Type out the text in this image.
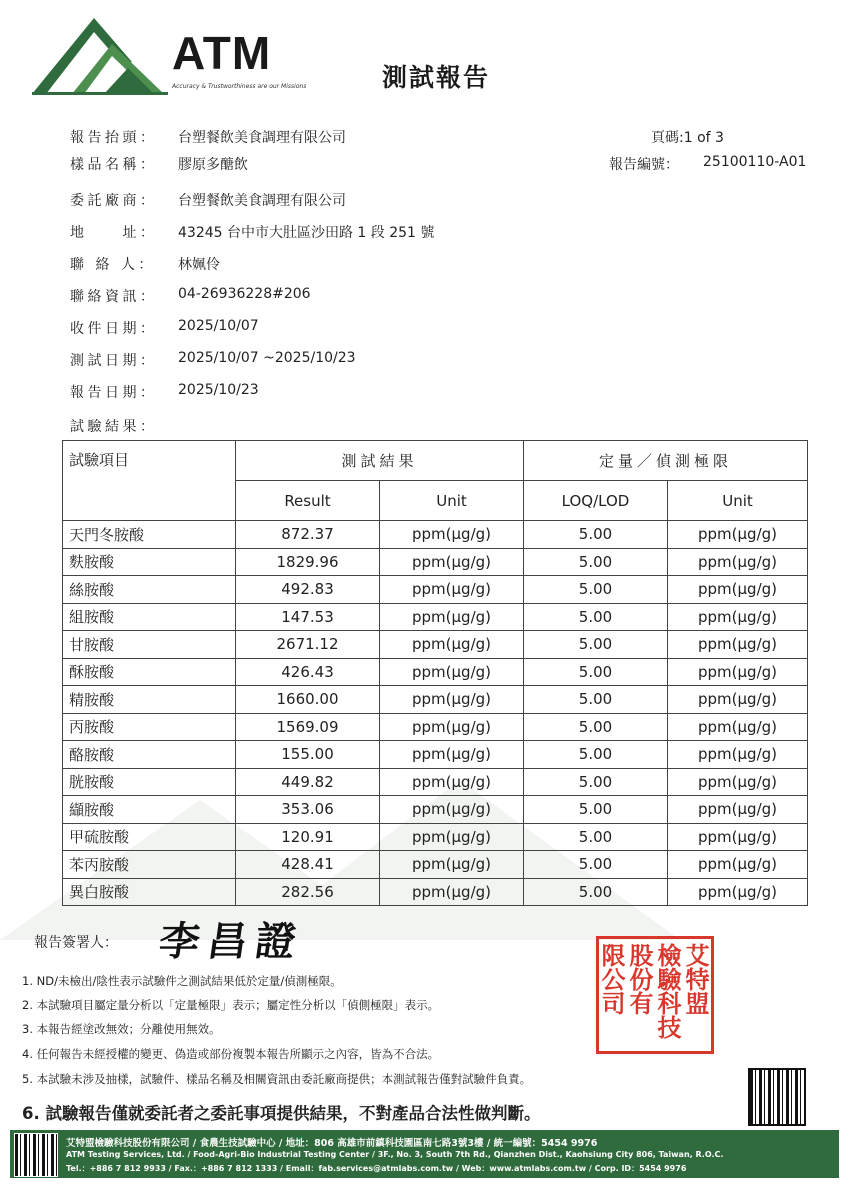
ATM
Accuracy & Trustworthiness are our Missions	測試報告
頁碼:1 of 3
報告編號： 25100110-A01
報告抬頭： 台塑餐飲美食調理有限公司
樣品名稱： 膠原多醣飲
委託廠商： 台塑餐飲美食調理有限公司
地　　址： 43245 台中市大肚區沙田路 1 段 251 號
聯 絡 人： 林姵伶
聯絡資訊： 04-26936228#206
收件日期： 2025/10/07
測試日期： 2025/10/07 ~2025/10/23
報告日期： 2025/10/23
試驗結果：
試驗項目	測試結果		定量／偵測極限	
	Result	Unit	LOQ/LOD	Unit
天門冬胺酸	872.37	ppm(μg/g)	5.00	ppm(μg/g)
麩胺酸	1829.96	ppm(μg/g)	5.00	ppm(μg/g)
絲胺酸	492.83	ppm(μg/g)	5.00	ppm(μg/g)
組胺酸	147.53	ppm(μg/g)	5.00	ppm(μg/g)
甘胺酸	2671.12	ppm(μg/g)	5.00	ppm(μg/g)
酥胺酸	426.43	ppm(μg/g)	5.00	ppm(μg/g)
精胺酸	1660.00	ppm(μg/g)	5.00	ppm(μg/g)
丙胺酸	1569.09	ppm(μg/g)	5.00	ppm(μg/g)
酪胺酸	155.00	ppm(μg/g)	5.00	ppm(μg/g)
胱胺酸	449.82	ppm(μg/g)	5.00	ppm(μg/g)
纈胺酸	353.06	ppm(μg/g)	5.00	ppm(μg/g)
甲硫胺酸	120.91	ppm(μg/g)	5.00	ppm(μg/g)
苯丙胺酸	428.41	ppm(μg/g)	5.00	ppm(μg/g)
異白胺酸	282.56	ppm(μg/g)	5.00	ppm(μg/g)
報告簽署人： 李昌證
艾特盟
檢驗科技
股份有
限公司
1. ND/未檢出/陰性表示試驗件之測試結果低於定量/偵測極限。
2. 本試驗項目屬定量分析以「定量極限」表示；屬定性分析以「偵側極限」表示。
3. 本報告經塗改無效；分離使用無效。
4. 任何報告未經授權的變更、偽造或部份複製本報告所顯示之內容，皆為不合法。
5. 本試驗未涉及抽樣，試驗件、樣品名稱及相關資訊由委託廠商提供；本測試報告僅對試驗件負責。
6. 試驗報告僅就委託者之委託事項提供結果，不對產品合法性做判斷。
艾特盟檢驗科技股份有限公司 / 食農生技試驗中心 / 地址：806 高雄市前鎮科技園區南七路3號3樓 / 統一編號：5454 9976
ATM Testing Services, Ltd. / Food-Agri-Bio Industrial Testing Center / 3F., No. 3, South 7th Rd., Qianzhen Dist., Kaohsiung City 806, Taiwan, R.O.C.
Tel.：+886 7 812 9933 / Fax.：+886 7 812 1333 / Email：fab.services@atmlabs.com.tw / Web：www.atmlabs.com.tw / Corp. ID：5454 9976
